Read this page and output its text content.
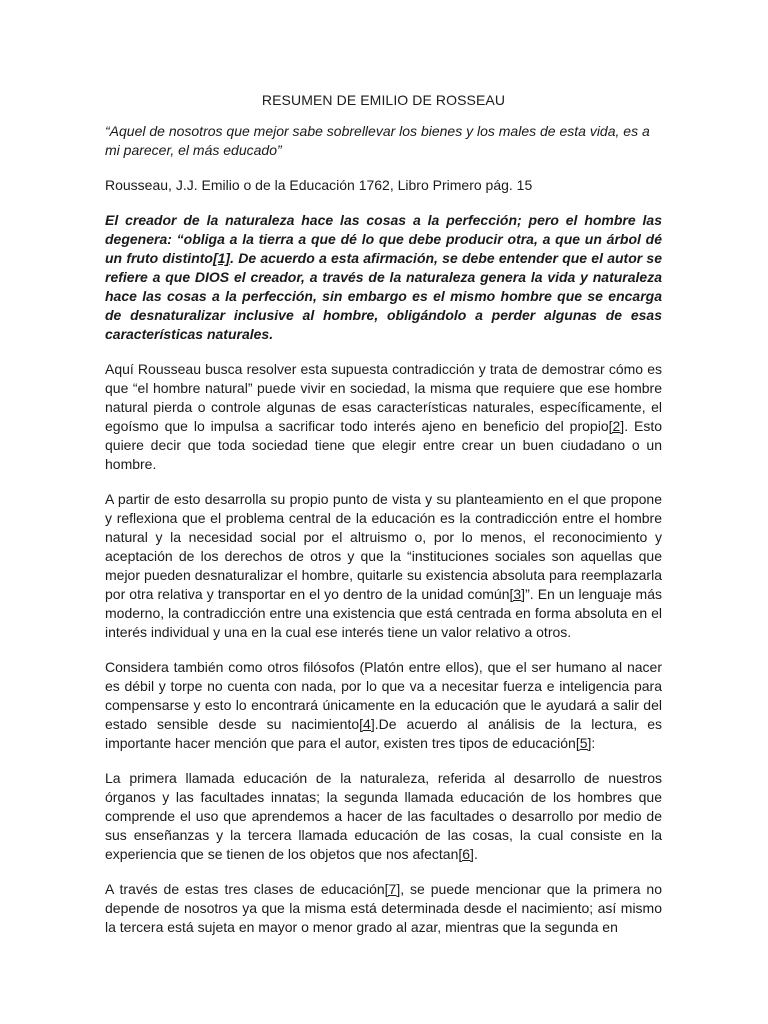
RESUMEN DE EMILIO DE ROSSEAU
“Aquel de nosotros que mejor sabe sobrellevar los bienes y los males de esta vida, es a mi parecer, el más educado”
Rousseau, J.J. Emilio o de la Educación 1762, Libro Primero pág. 15

El creador de la naturaleza hace las cosas a la perfección; pero el hombre las degenera: “obliga a la tierra a que dé lo que debe producir otra, a que un árbol dé un fruto distinto[1]. De acuerdo a esta afirmación, se debe entender que el autor se refiere a que DIOS el creador, a través de la naturaleza genera la vida y naturaleza hace las cosas a la perfección, sin embargo es el mismo hombre que se encarga de desnaturalizar inclusive al hombre, obligándolo a perder algunas de esas características naturales.

Aquí Rousseau busca resolver esta supuesta contradicción y trata de demostrar cómo es que “el hombre natural” puede vivir en sociedad, la misma que requiere que ese hombre natural pierda o controle algunas de esas características naturales, específicamente, el egoísmo que lo impulsa a sacrificar todo interés ajeno en beneficio del propio[2]. Esto quiere decir que toda sociedad tiene que elegir entre crear un buen ciudadano o un hombre.

A partir de esto desarrolla su propio punto de vista y su planteamiento en el que propone y reflexiona que el problema central de la educación es la contradicción entre el hombre natural y la necesidad social por el altruismo o, por lo menos, el reconocimiento y aceptación de los derechos de otros y que la “instituciones sociales son aquellas que mejor pueden desnaturalizar el hombre, quitarle su existencia absoluta para reemplazarla por otra relativa y transportar en el yo dentro de la unidad común[3]”. En un lenguaje más moderno, la contradicción entre una existencia que está centrada en forma absoluta en el interés individual y una en la cual ese interés tiene un valor relativo a otros.

Considera también como otros filósofos (Platón entre ellos), que el ser humano al nacer es débil y torpe no cuenta con nada, por lo que va a necesitar fuerza e inteligencia para compensarse y esto lo encontrará únicamente en la educación que le ayudará a salir del estado sensible desde su nacimiento[4].De acuerdo al análisis de la lectura, es importante hacer mención que para el autor, existen tres tipos de educación[5]:

La primera llamada educación de la naturaleza, referida al desarrollo de nuestros órganos y las facultades innatas; la segunda llamada educación de los hombres que comprende el uso que aprendemos a hacer de las facultades o desarrollo por medio de sus enseñanzas y la tercera llamada educación de las cosas, la cual consiste en la experiencia que se tienen de los objetos que nos afectan[6].

A través de estas tres clases de educación[7], se puede mencionar que la primera no depende de nosotros ya que la misma está determinada desde el nacimiento; así mismo la tercera está sujeta en mayor o menor grado al azar, mientras que la segunda en
